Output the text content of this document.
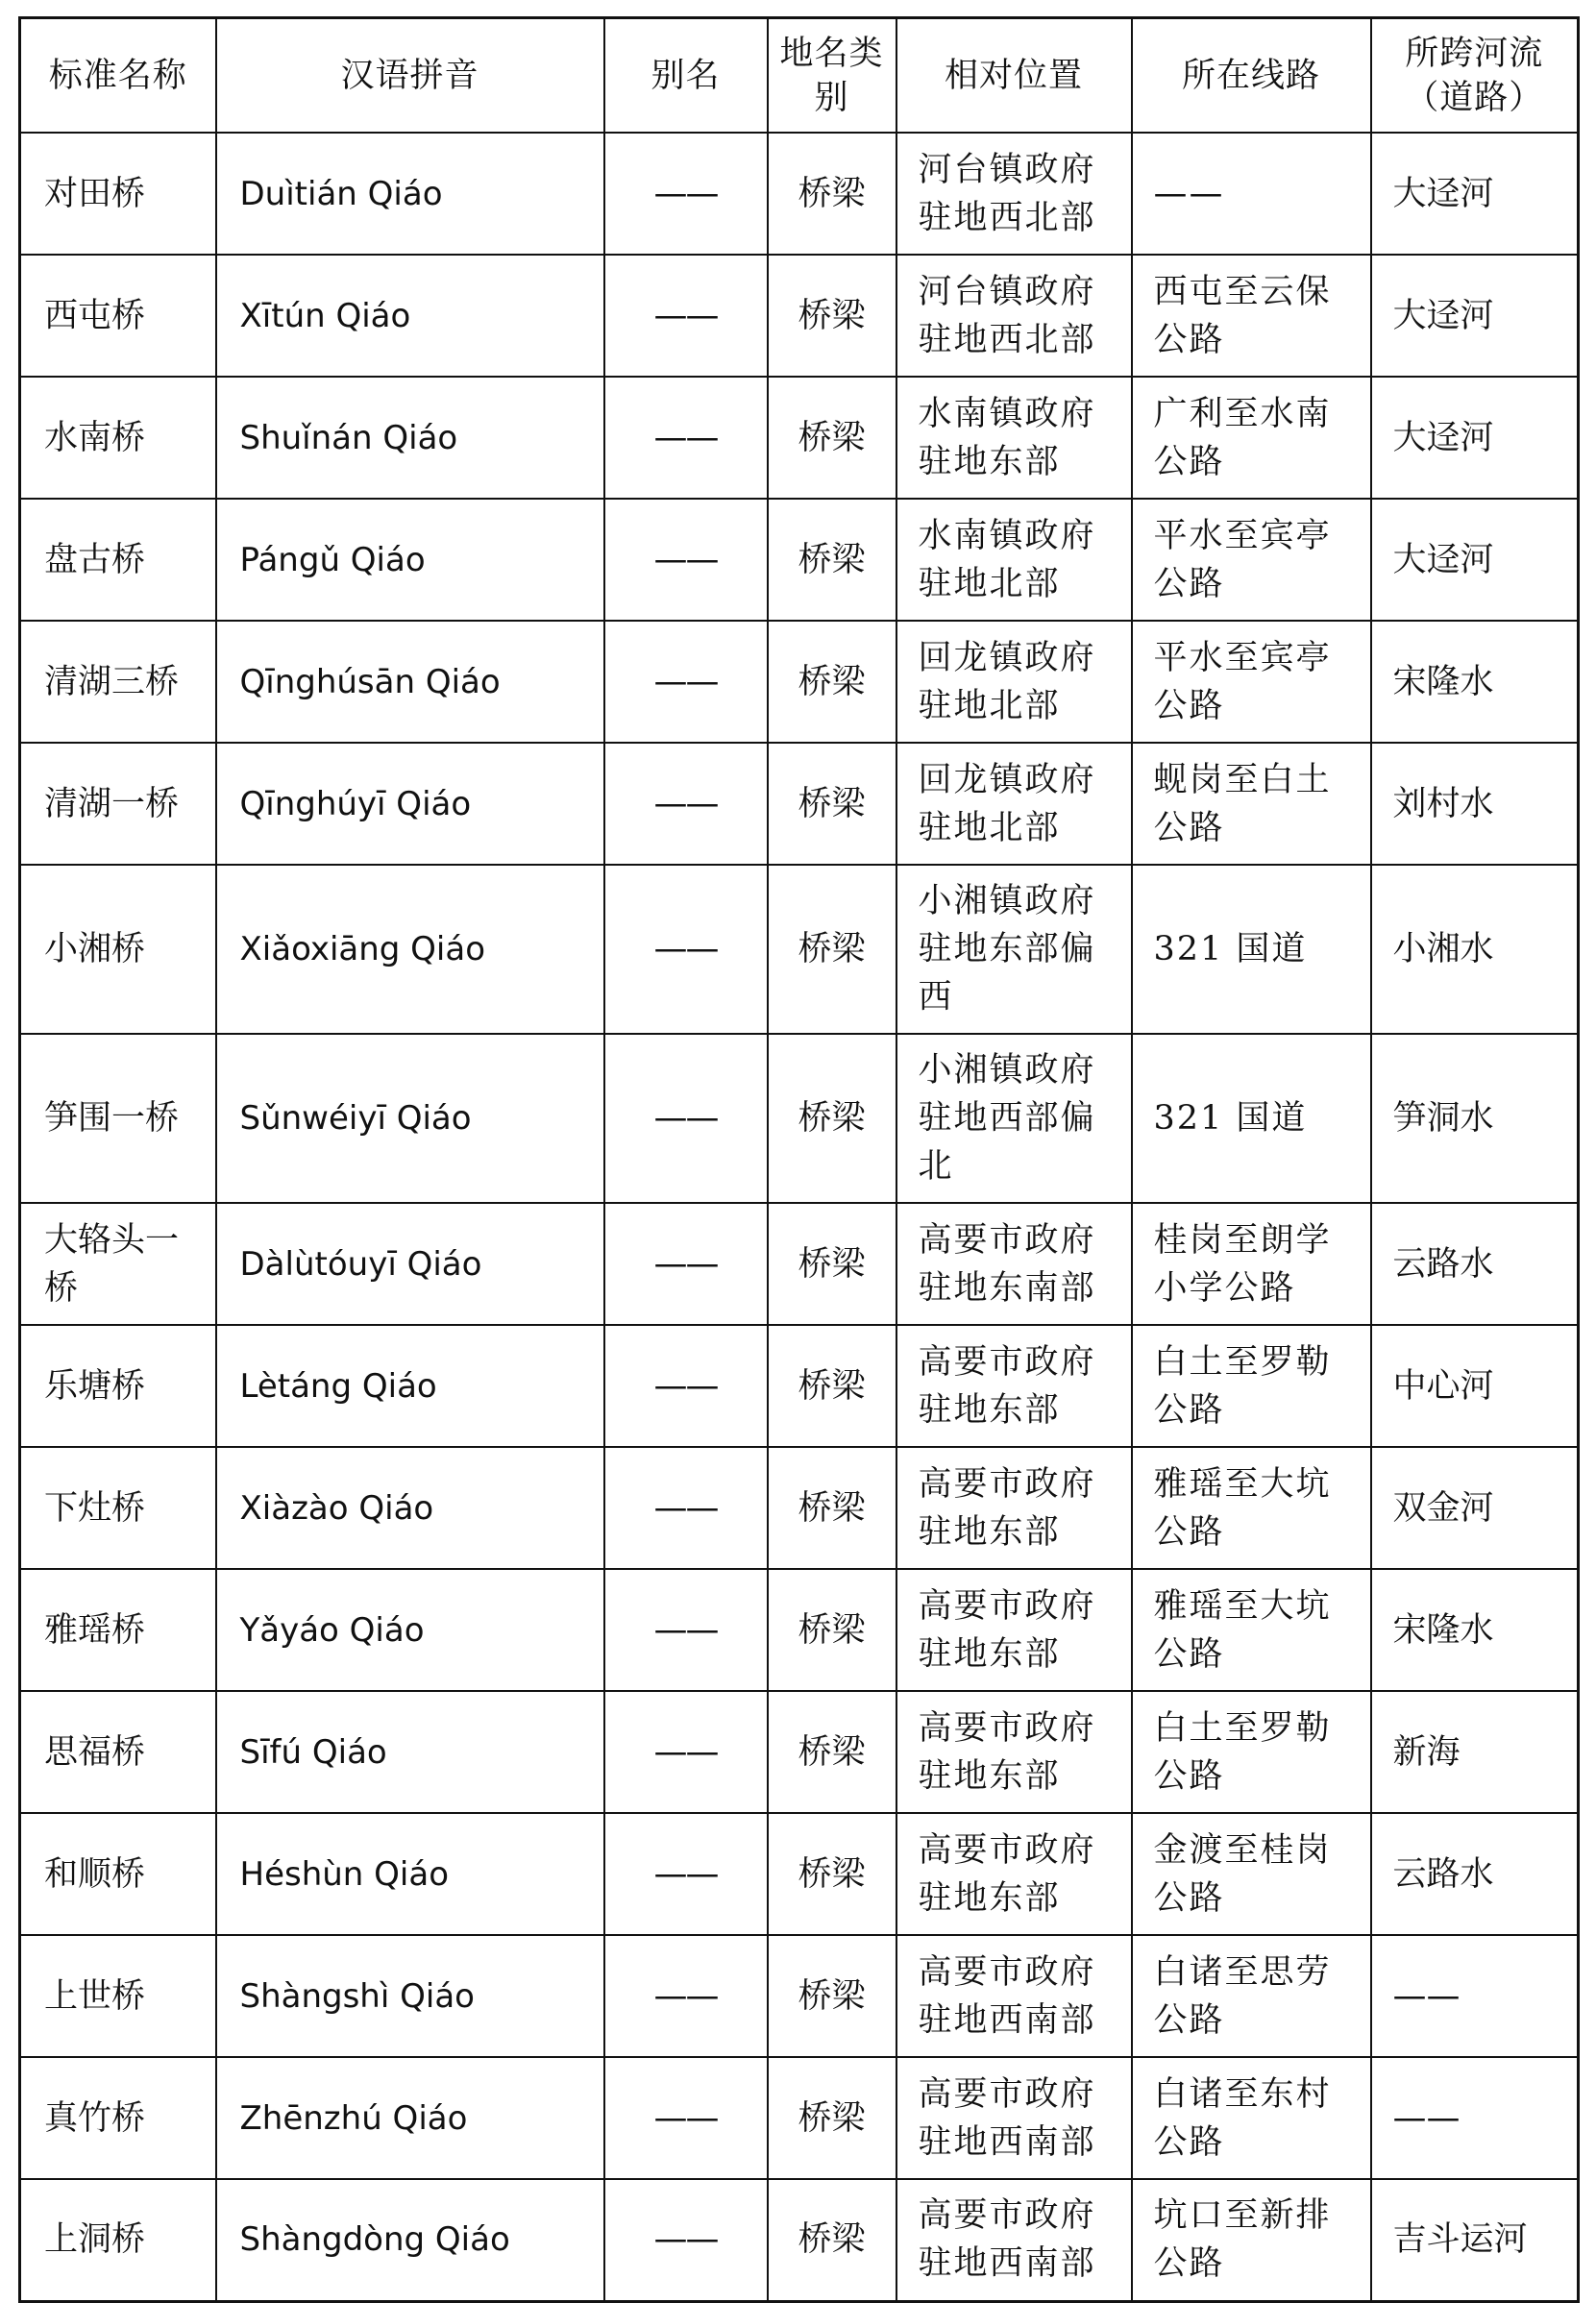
标准名称	汉语拼音	别名	地名类别	相对位置	所在线路	所跨河流（道路）
对田桥	Duìtián Qiáo	——	桥梁	河台镇政府驻地西北部	——	大迳河
西屯桥	Xītún Qiáo	——	桥梁	河台镇政府驻地西北部	西屯至云保公路	大迳河
水南桥	Shuǐnán Qiáo	——	桥梁	水南镇政府驻地东部	广利至水南公路	大迳河
盘古桥	Pángǔ Qiáo	——	桥梁	水南镇政府驻地北部	平水至宾亭公路	大迳河
清湖三桥	Qīnghúsān Qiáo	——	桥梁	回龙镇政府驻地北部	平水至宾亭公路	宋隆水
清湖一桥	Qīnghúyī Qiáo	——	桥梁	回龙镇政府驻地北部	蚬岗至白土公路	刘村水
小湘桥	Xiǎoxiāng Qiáo	——	桥梁	小湘镇政府驻地东部偏西	321 国道	小湘水
笋围一桥	Sǔnwéiyī Qiáo	——	桥梁	小湘镇政府驻地西部偏北	321 国道	笋洞水
大辂头一桥	Dàlùtóuyī Qiáo	——	桥梁	高要市政府驻地东南部	桂岗至朗学小学公路	云路水
乐塘桥	Lètáng Qiáo	——	桥梁	高要市政府驻地东部	白土至罗勒公路	中心河
下灶桥	Xiàzào Qiáo	——	桥梁	高要市政府驻地东部	雅瑶至大坑公路	双金河
雅瑶桥	Yǎyáo Qiáo	——	桥梁	高要市政府驻地东部	雅瑶至大坑公路	宋隆水
思福桥	Sīfú Qiáo	——	桥梁	高要市政府驻地东部	白土至罗勒公路	新海
和顺桥	Héshùn Qiáo	——	桥梁	高要市政府驻地东部	金渡至桂岗公路	云路水
上世桥	Shàngshì Qiáo	——	桥梁	高要市政府驻地西南部	白诸至思劳公路	——
真竹桥	Zhēnzhú Qiáo	——	桥梁	高要市政府驻地西南部	白诸至东村公路	——
上洞桥	Shàngdòng Qiáo	——	桥梁	高要市政府驻地西南部	坑口至新排公路	吉斗运河
